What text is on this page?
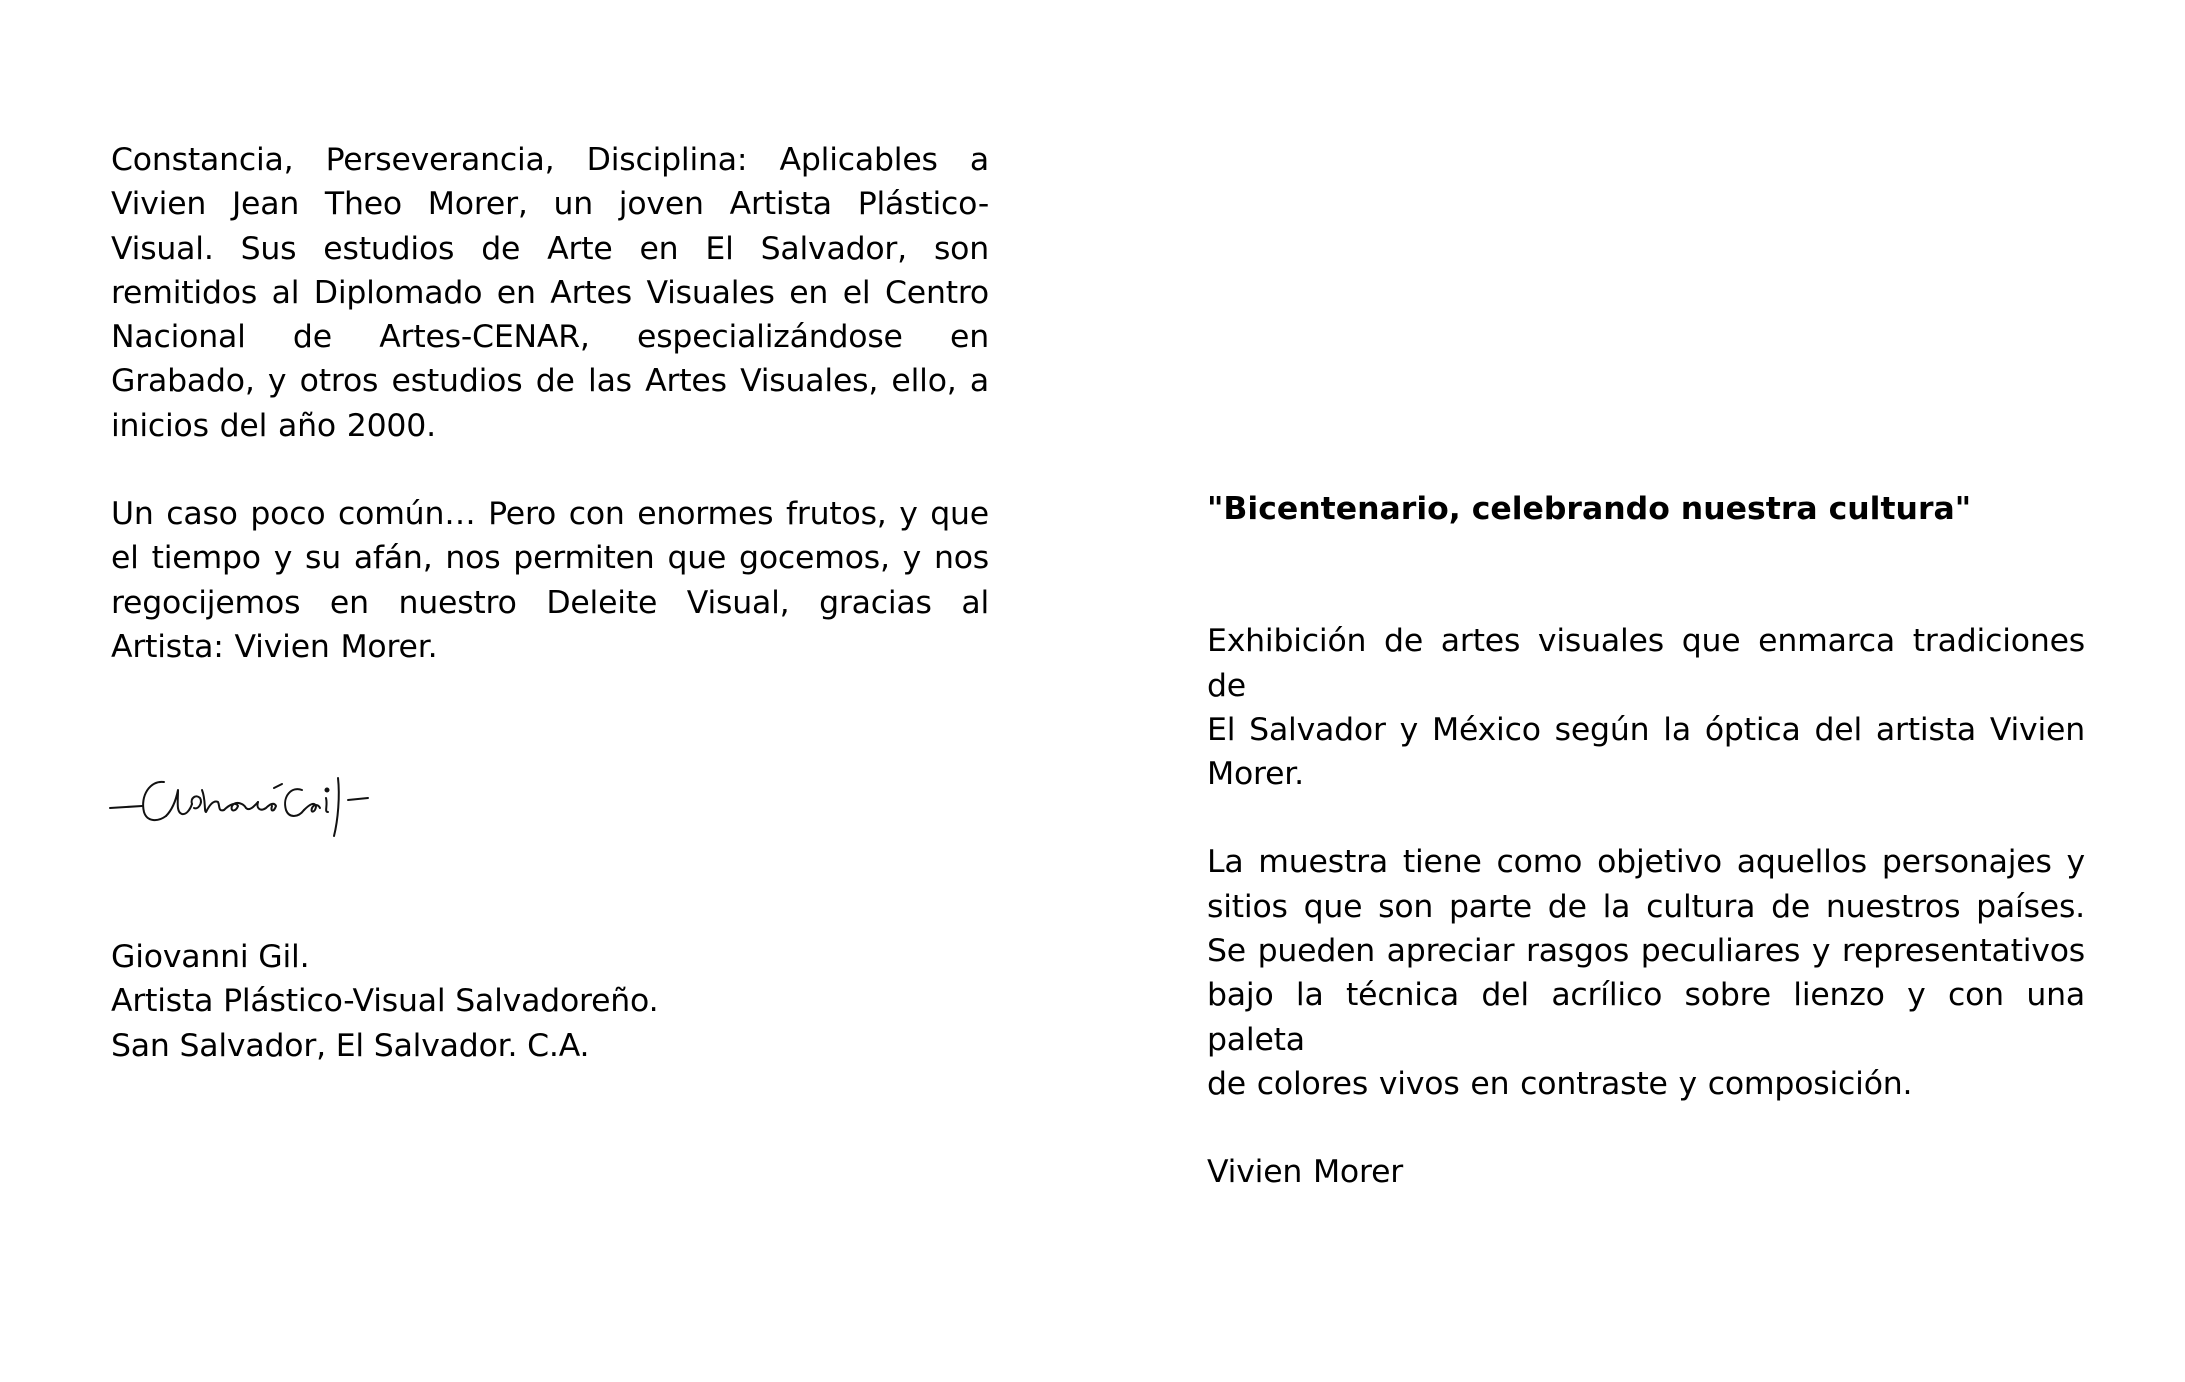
Constancia, Perseverancia, Disciplina: Aplicables a
Vivien Jean Theo Morer, un joven Artista Plástico-
Visual. Sus estudios de Arte en El Salvador, son
remitidos al Diplomado en Artes Visuales en el Centro
Nacional de Artes-CENAR, especializándose en
Grabado, y otros estudios de las Artes Visuales, ello, a
inicios del año 2000.

Un caso poco común… Pero con enormes frutos, y que
el tiempo y su afán, nos permiten que gocemos, y nos
regocijemos en nuestro Deleite Visual, gracias al
Artista: Vivien Morer.

Giovanni Gil.
Artista Plástico-Visual Salvadoreño.
San Salvador, El Salvador. C.A.
"Bicentenario, celebrando nuestra cultura"

Exhibición de artes visuales que enmarca tradiciones de
El Salvador y México según la óptica del artista Vivien
Morer.

La muestra tiene como objetivo aquellos personajes y
sitios que son parte de la cultura de nuestros países.
Se pueden apreciar rasgos peculiares y representativos
bajo la técnica del acrílico sobre lienzo y con una paleta
de colores vivos en contraste y composición.

Vivien Morer
